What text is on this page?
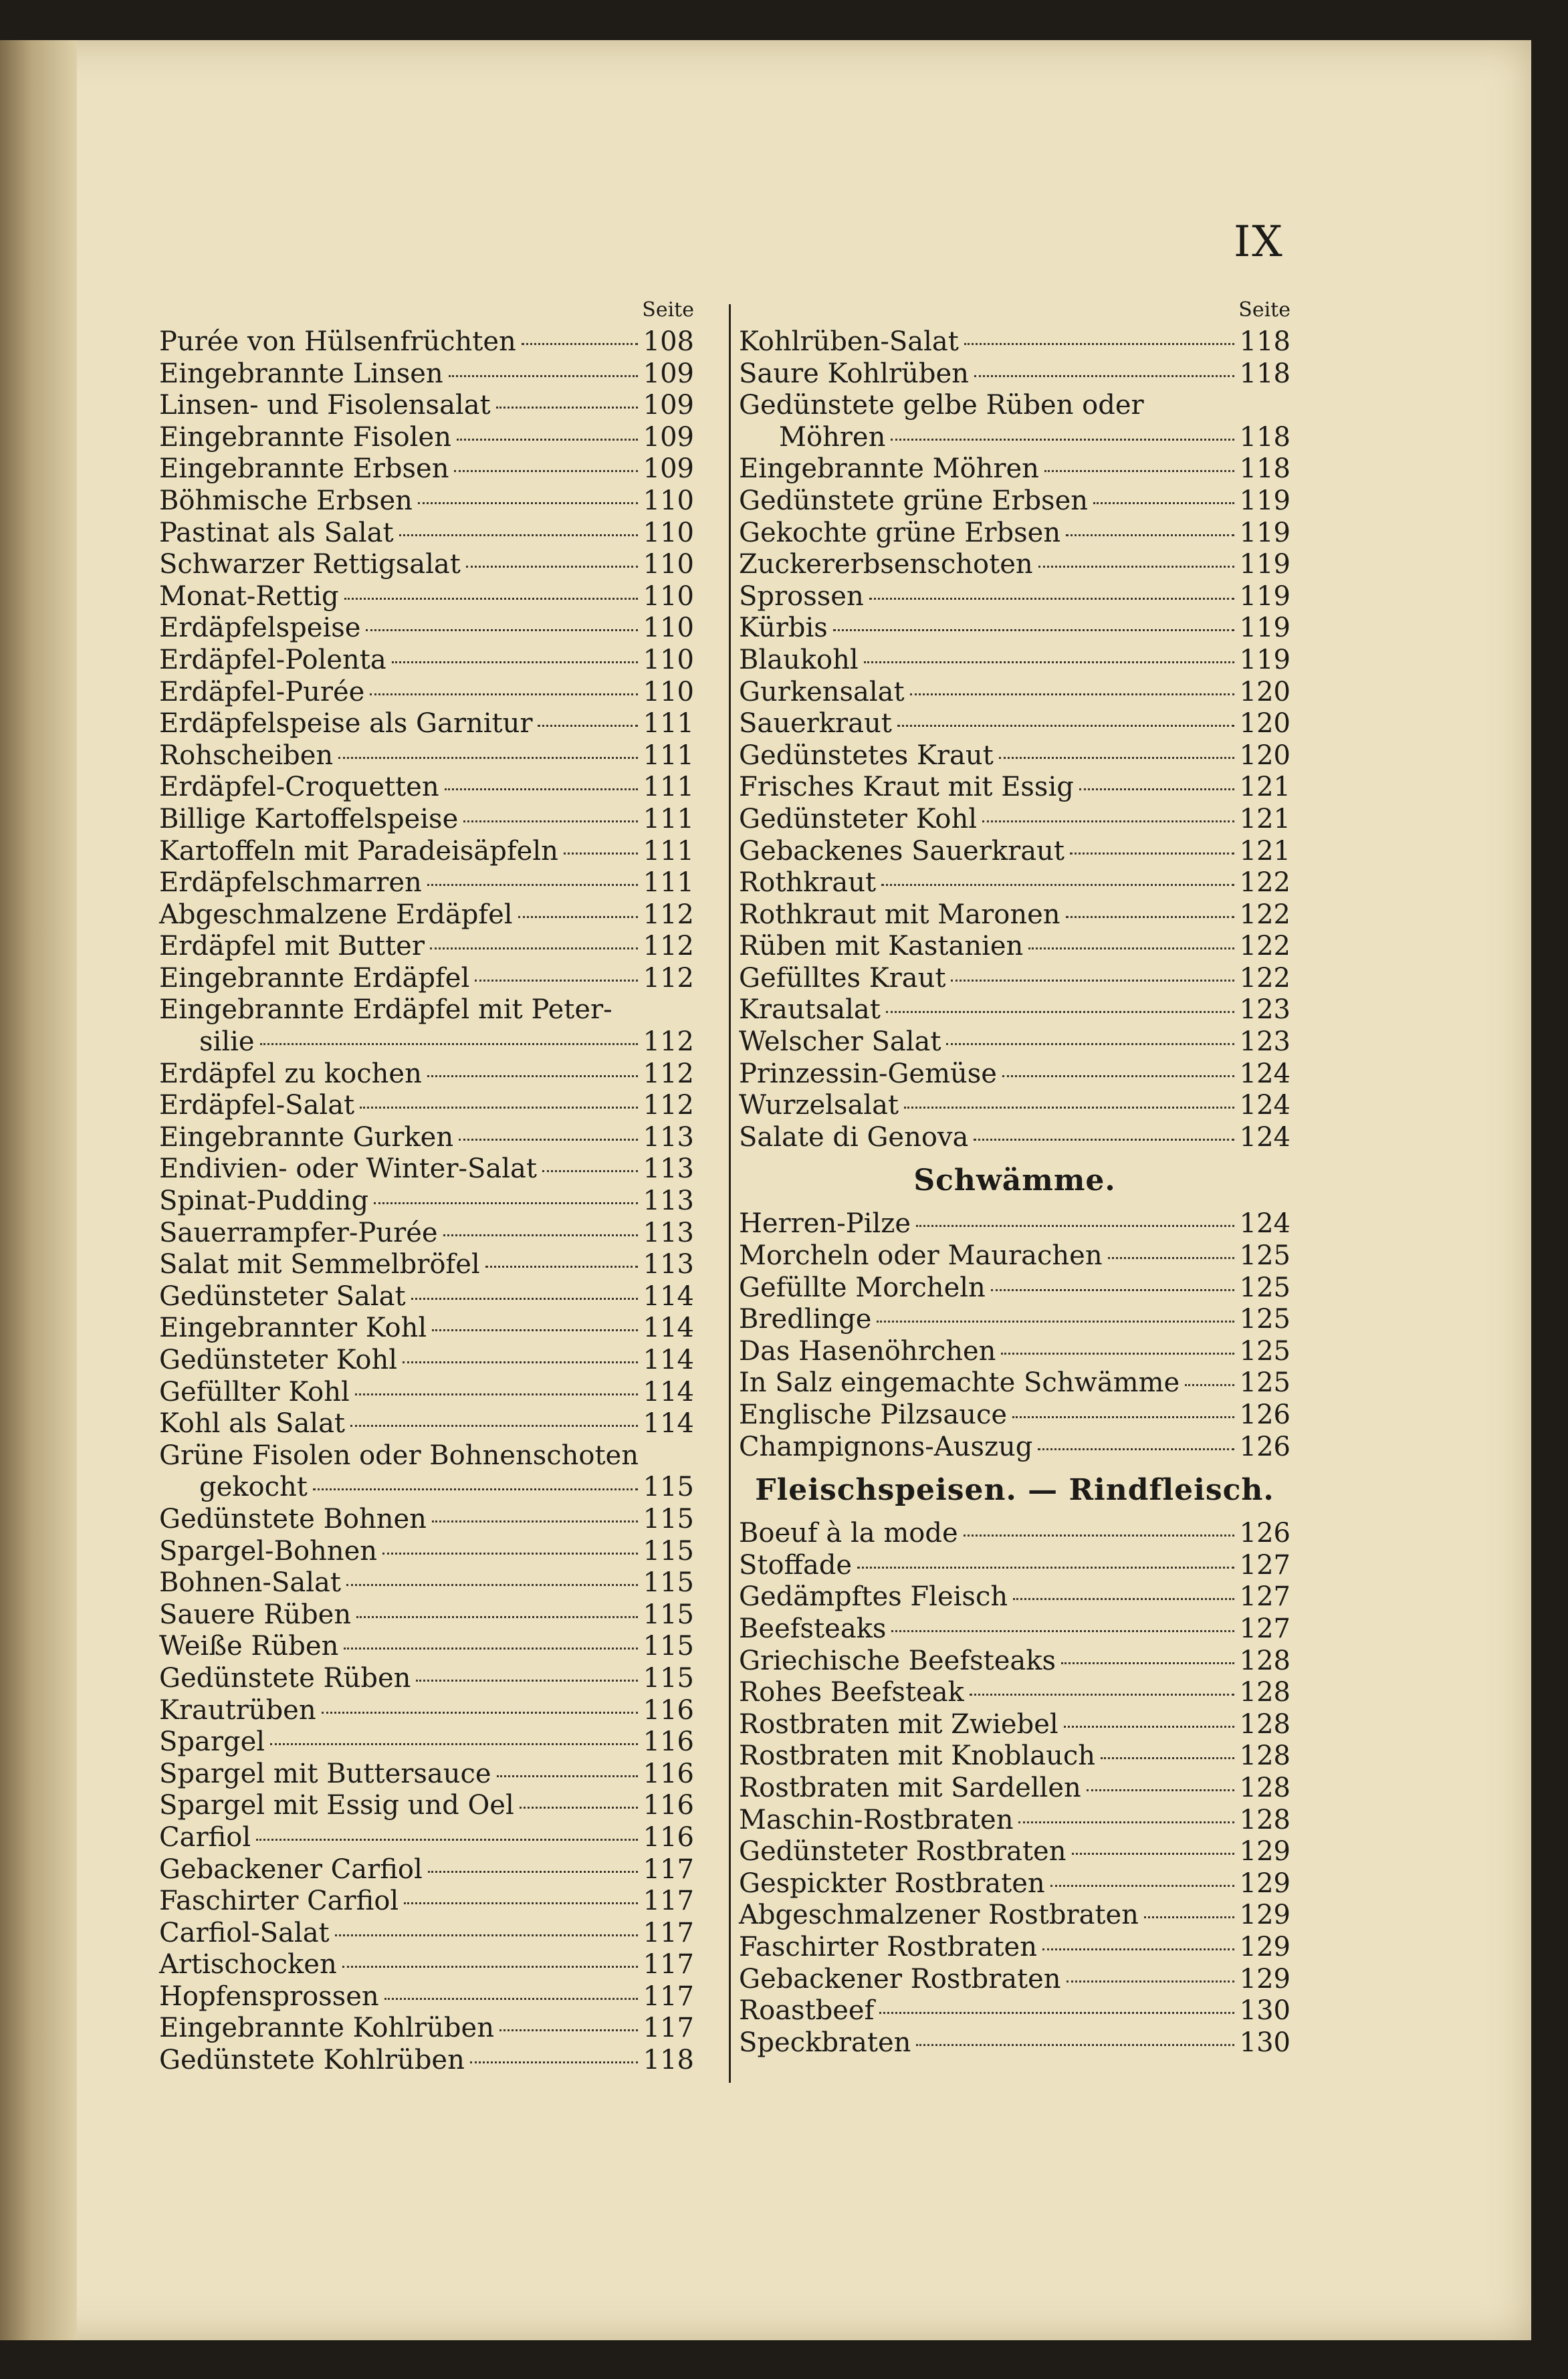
IX
Seite
Purée von Hülsenfrüchten	108
Eingebrannte Linsen	109
Linsen- und Fisolensalat	109
Eingebrannte Fisolen	109
Eingebrannte Erbsen	109
Böhmische Erbsen	110
Pastinat als Salat	110
Schwarzer Rettigsalat	110
Monat-Rettig	110
Erdäpfelspeise	110
Erdäpfel-Polenta	110
Erdäpfel-Purée	110
Erdäpfelspeise als Garnitur	111
Rohscheiben	111
Erdäpfel-Croquetten	111
Billige Kartoffelspeise	111
Kartoffeln mit Paradeisäpfeln	111
Erdäpfelschmarren	111
Abgeschmalzene Erdäpfel	112
Erdäpfel mit Butter	112
Eingebrannte Erdäpfel	112
Eingebrannte Erdäpfel mit Peter-
silie	112
Erdäpfel zu kochen	112
Erdäpfel-Salat	112
Eingebrannte Gurken	113
Endivien- oder Winter-Salat	113
Spinat-Pudding	113
Sauerrampfer-Purée	113
Salat mit Semmelbröfel	113
Gedünsteter Salat	114
Eingebrannter Kohl	114
Gedünsteter Kohl	114
Gefüllter Kohl	114
Kohl als Salat	114
Grüne Fisolen oder Bohnenschoten
gekocht	115
Gedünstete Bohnen	115
Spargel-Bohnen	115
Bohnen-Salat	115
Sauere Rüben	115
Weiße Rüben	115
Gedünstete Rüben	115
Krautrüben	116
Spargel	116
Spargel mit Buttersauce	116
Spargel mit Essig und Oel	116
Carfiol	116
Gebackener Carfiol	117
Faschirter Carfiol	117
Carfiol-Salat	117
Artischocken	117
Hopfensprossen	117
Eingebrannte Kohlrüben	117
Gedünstete Kohlrüben	118
Seite
Kohlrüben-Salat	118
Saure Kohlrüben	118
Gedünstete gelbe Rüben oder
Möhren	118
Eingebrannte Möhren	118
Gedünstete grüne Erbsen	119
Gekochte grüne Erbsen	119
Zuckererbsenschoten	119
Sprossen	119
Kürbis	119
Blaukohl	119
Gurkensalat	120
Sauerkraut	120
Gedünstetes Kraut	120
Frisches Kraut mit Essig	121
Gedünsteter Kohl	121
Gebackenes Sauerkraut	121
Rothkraut	122
Rothkraut mit Maronen	122
Rüben mit Kastanien	122
Gefülltes Kraut	122
Krautsalat	123
Welscher Salat	123
Prinzessin-Gemüse	124
Wurzelsalat	124
Salate di Genova	124
Schwämme.
Herren-Pilze	124
Morcheln oder Maurachen	125
Gefüllte Morcheln	125
Bredlinge	125
Das Hasenöhrchen	125
In Salz eingemachte Schwämme 125
Englische Pilzsauce	126
Champignons-Auszug	126
Fleischspeisen. — Rindfleisch.
Boeuf à la mode	126
Stoffade	127
Gedämpftes Fleisch	127
Beefsteaks	127
Griechische Beefsteaks	128
Rohes Beefsteak	128
Rostbraten mit Zwiebel	128
Rostbraten mit Knoblauch	128
Rostbraten mit Sardellen	128
Maschin-Rostbraten	128
Gedünsteter Rostbraten	129
Gespickter Rostbraten	129
Abgeschmalzener Rostbraten	129
Faschirter Rostbraten	129
Gebackener Rostbraten	129
Roastbeef	130
Speckbraten	130
